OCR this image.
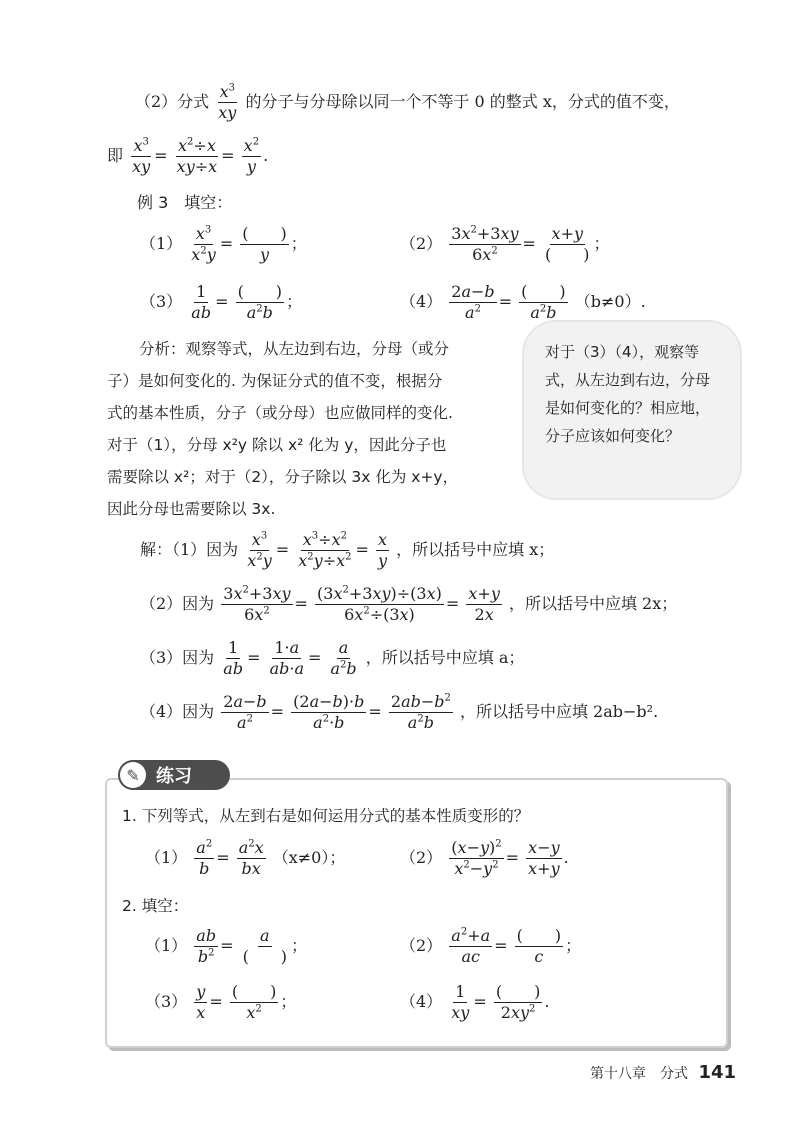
（2）分式 $\frac{x^3}{xy}$ 的分子与分母除以同一个不等于 0 的整式 x，分式的值不变，
即 $\frac{x^3}{xy} = \frac{x^2\div x}{xy\div x} = \frac{x^2}{y}$ .
例 3　填空：
$(1) \frac{x^3}{x^2y} = \frac{( )}{y}$ ；	$(2) \frac{3x^2+3xy}{6x^2} = \frac{x+y}{( )}$ ；
$(3) \frac{1}{ab} = \frac{( )}{a^2b}$ ；	$(4) \frac{2a-b}{a^2} = \frac{( )}{a^2b} (b\ne 0)$.
分析：观察等式，从左边到右边，分母（或分
子）是如何变化的. 为保证分式的值不变，根据分
式的基本性质，分子（或分母）也应做同样的变化.
对于（1），分母 x²y 除以 x² 化为 y，因此分子也
需要除以 x²；对于（2），分子除以 3x 化为 x+y，
因此分母也需要除以 3x.
对于（3）（4），观察等式，从左边到右边，分母是如何变化的？相应地，分子应该如何变化？
解：（1）因为 $\frac{x^3}{x^2y} = \frac{x^3\div x^2}{x^2y\div x^2} = \frac{x}{y}$ ，所以括号中应填 x；
（2）因为 $\frac{3x^2+3xy}{6x^2} = \frac{(3x^2+3xy)\div(3x)}{6x^2\div(3x)} = \frac{x+y}{2x}$ ，所以括号中应填 2x；
（3）因为 $\frac{1}{ab} = \frac{1\cdot a}{ab\cdot a} = \frac{a}{a^2b}$ ，所以括号中应填 a；
（4）因为 $\frac{2a-b}{a^2} = \frac{(2a-b)\cdot b}{a^2\cdot b} = \frac{2ab-b^2}{a^2b}$ ，所以括号中应填 2ab−b².
✎ 练习
1. 下列等式，从左到右是如何运用分式的基本性质变形的？
$(1) \frac{a^2}{b} = \frac{a^2x}{bx} (x\ne 0)$；	$(2) \frac{(x-y)^2}{x^2-y^2} = \frac{x-y}{x+y}$ .
2. 填空：
$(1) \frac{ab}{b^2} = \frac{a}{( )}$ ；	$(2) \frac{a^2+a}{ac} = \frac{( )}{c}$ ；
$(3) \frac{y}{x} = \frac{( )}{x^2}$ ；	$(4) \frac{1}{xy} = \frac{( )}{2xy^2}$ .
第十八章　分式 141
